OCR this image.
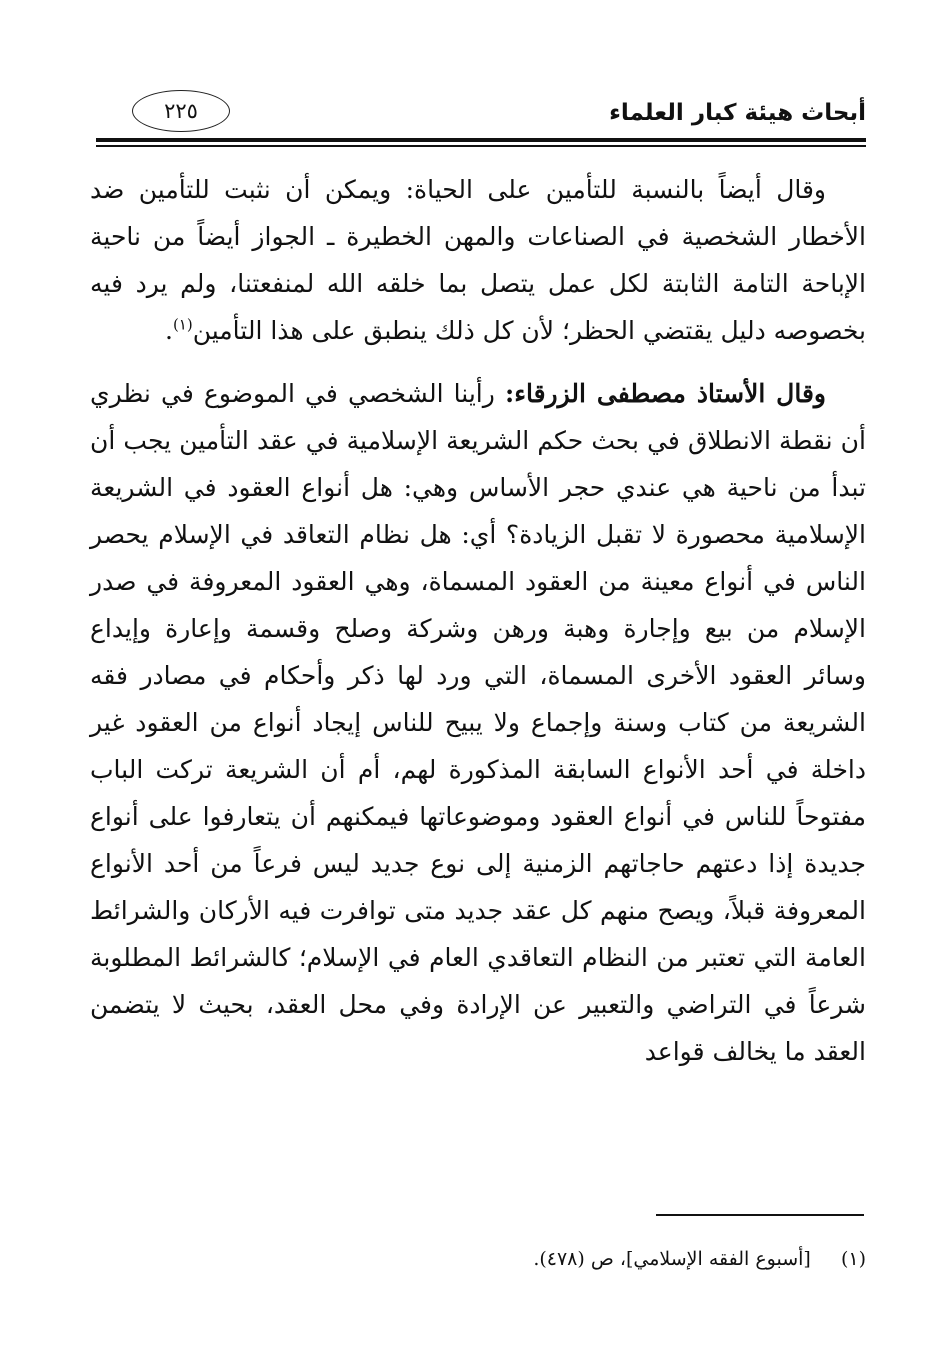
أبحاث هيئة كبار العلماء
٢٢٥

وقال أيضاً بالنسبة للتأمين على الحياة: ويمكن أن نثبت للتأمين ضد الأخطار الشخصية في الصناعات والمهن الخطيرة ـ الجواز أيضاً من ناحية الإباحة التامة الثابتة لكل عمل يتصل بما خلقه الله لمنفعتنا، ولم يرد فيه بخصوصه دليل يقتضي الحظر؛ لأن كل ذلك ينطبق على هذا التأمين$^{(١)}$.

وقال الأستاذ مصطفى الزرقاء: رأينا الشخصي في الموضوع في نظري أن نقطة الانطلاق في بحث حكم الشريعة الإسلامية في عقد التأمين يجب أن تبدأ من ناحية هي عندي حجر الأساس وهي: هل أنواع العقود في الشريعة الإسلامية محصورة لا تقبل الزيادة؟ أي: هل نظام التعاقد في الإسلام يحصر الناس في أنواع معينة من العقود المسماة، وهي العقود المعروفة في صدر الإسلام من بيع وإجارة وهبة ورهن وشركة وصلح وقسمة وإعارة وإيداع وسائر العقود الأخرى المسماة، التي ورد لها ذكر وأحكام في مصادر فقه الشريعة من كتاب وسنة وإجماع ولا يبيح للناس إيجاد أنواع من العقود غير داخلة في أحد الأنواع السابقة المذكورة لهم، أم أن الشريعة تركت الباب مفتوحاً للناس في أنواع العقود وموضوعاتها فيمكنهم أن يتعارفوا على أنواع جديدة إذا دعتهم حاجاتهم الزمنية إلى نوع جديد ليس فرعاً من أحد الأنواع المعروفة قبلاً، ويصح منهم كل عقد جديد متى توافرت فيه الأركان والشرائط العامة التي تعتبر من النظام التعاقدي العام في الإسلام؛ كالشرائط المطلوبة شرعاً في التراضي والتعبير عن الإرادة وفي محل العقد، بحيث لا يتضمن العقد ما يخالف قواعد

(١)  [أسبوع الفقه الإسلامي]، ص (٤٧٨).
